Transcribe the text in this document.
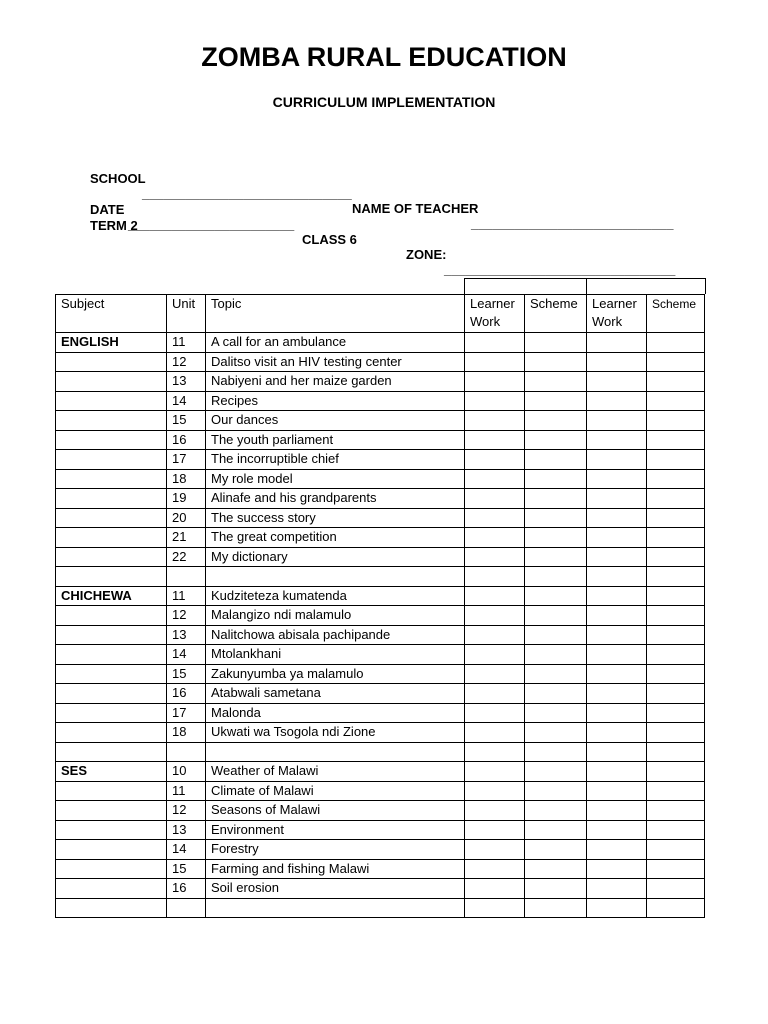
ZOMBA RURAL EDUCATION
CURRICULUM IMPLEMENTATION

SCHOOL

_____________________________

NAME OF TEACHER

____________________________

DATE

_______________________

CLASS 6

ZONE:

________________________________

TERM 2

Subject	Unit	Topic	Learner Work	Scheme	Learner Work	Scheme
ENGLISH	11	A call for an ambulance				
	12	Dalitso visit an HIV testing center				
	13	Nabiyeni and her maize garden				
	14	Recipes				
	15	Our dances				
	16	The youth parliament				
	17	The incorruptible chief				
	18	My role model				
	19	Alinafe and his grandparents				
	20	The success story				
	21	The great competition				
	22	My dictionary				

CHICHEWA	11	Kudziteteza kumatenda				
	12	Malangizo ndi malamulo				
	13	Nalitchowa abisala pachipande				
	14	Mtolankhani				
	15	Zakunyumba ya malamulo				
	16	Atabwali sametana				
	17	Malonda				
	18	Ukwati wa Tsogola ndi Zione				

SES	10	Weather of Malawi				
	11	Climate of Malawi				
	12	Seasons of Malawi				
	13	Environment				
	14	Forestry				
	15	Farming and fishing Malawi				
	16	Soil erosion				
